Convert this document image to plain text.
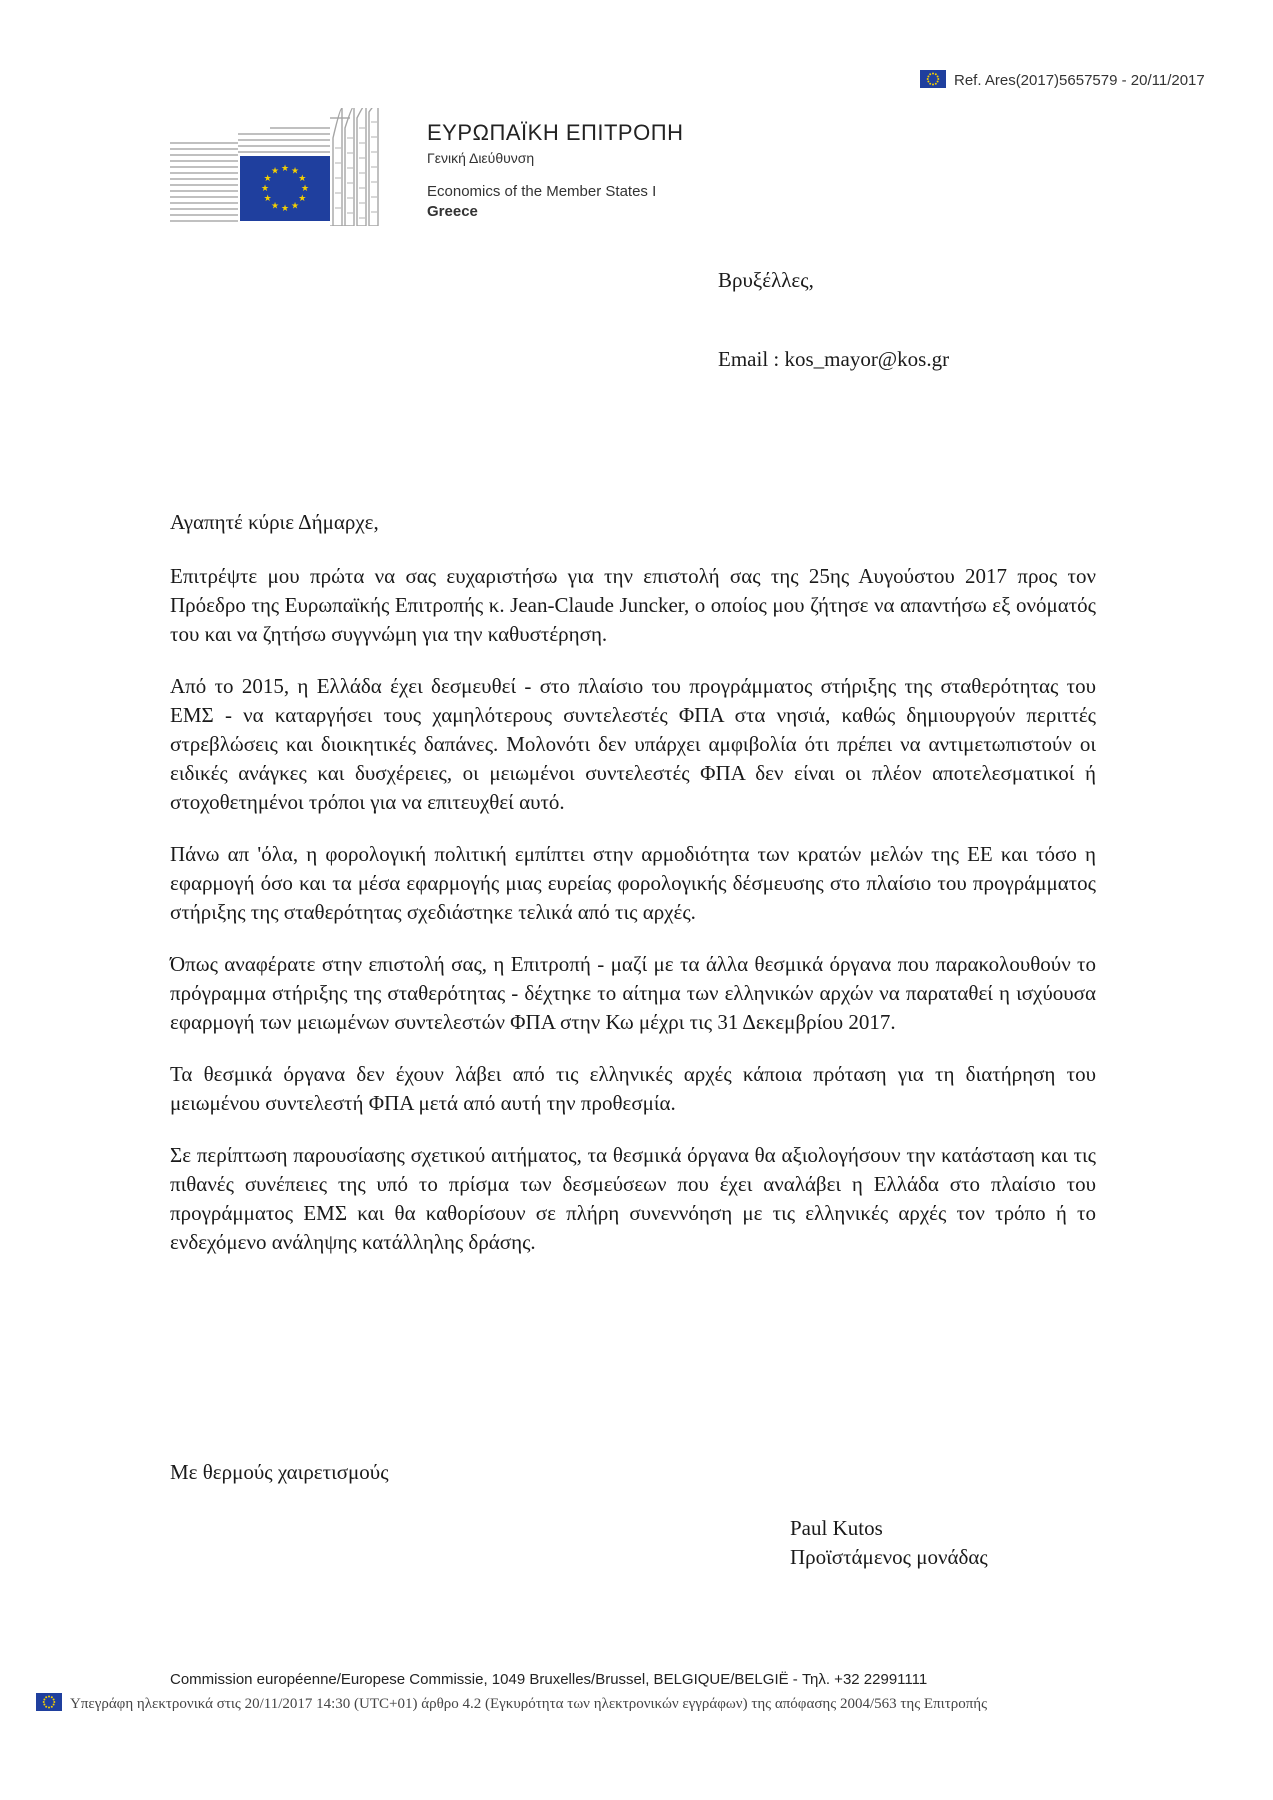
Ref. Ares(2017)5657579 - 20/11/2017
★ ★
★
★
★
★
★
★
★
★
★
★
ΕΥΡΩΠΑΪΚΗ ΕΠΙΤΡΟΠΗ
Γενική Διεύθυνση
Economics of the Member States I
Greece
Βρυξέλλες,
Email : kos_mayor@kos.gr
Αγαπητέ κύριε Δήμαρχε,

Επιτρέψτε μου πρώτα να σας ευχαριστήσω για την επιστολή σας της 25ης Αυγούστου 2017 προς τον Πρόεδρο της Ευρωπαϊκής Επιτροπής κ. Jean-Claude Juncker, ο οποίος μου ζήτησε να απαντήσω εξ ονόματός του και να ζητήσω συγγνώμη για την καθυστέρηση.

Από το 2015, η Ελλάδα έχει δεσμευθεί - στο πλαίσιο του προγράμματος στήριξης της σταθερότητας του ΕΜΣ - να καταργήσει τους χαμηλότερους συντελεστές ΦΠΑ στα νησιά, καθώς δημιουργούν περιττές στρεβλώσεις και διοικητικές δαπάνες. Μολονότι δεν υπάρχει αμφιβολία ότι πρέπει να αντιμετωπιστούν οι ειδικές ανάγκες και δυσχέρειες, οι μειωμένοι συντελεστές ΦΠΑ δεν είναι οι πλέον αποτελεσματικοί ή στοχοθετημένοι τρόποι για να επιτευχθεί αυτό.

Πάνω απ 'όλα, η φορολογική πολιτική εμπίπτει στην αρμοδιότητα των κρατών μελών της ΕΕ και τόσο η εφαρμογή όσο και τα μέσα εφαρμογής μιας ευρείας φορολογικής δέσμευσης στο πλαίσιο του προγράμματος στήριξης της σταθερότητας σχεδιάστηκε τελικά από τις αρχές.

Όπως αναφέρατε στην επιστολή σας, η Επιτροπή - μαζί με τα άλλα θεσμικά όργανα που παρακολουθούν το πρόγραμμα στήριξης της σταθερότητας - δέχτηκε το αίτημα των ελληνικών αρχών να παραταθεί η ισχύουσα εφαρμογή των μειωμένων συντελεστών ΦΠΑ στην Κω μέχρι τις 31 Δεκεμβρίου 2017.

Τα θεσμικά όργανα δεν έχουν λάβει από τις ελληνικές αρχές κάποια πρόταση για τη διατήρηση του μειωμένου συντελεστή ΦΠΑ μετά από αυτή την προθεσμία.

Σε περίπτωση παρουσίασης σχετικού αιτήματος, τα θεσμικά όργανα θα αξιολογήσουν την κατάσταση και τις πιθανές συνέπειες της υπό το πρίσμα των δεσμεύσεων που έχει αναλάβει η Ελλάδα στο πλαίσιο του προγράμματος ΕΜΣ και θα καθορίσουν σε πλήρη συνεννόηση με τις ελληνικές αρχές τον τρόπο ή το ενδεχόμενο ανάληψης κατάλληλης δράσης.

Με θερμούς χαιρετισμούς
Paul Kutos
Προϊστάμενος μονάδας
Commission européenne/Europese Commissie, 1049 Bruxelles/Brussel, BELGIQUE/BELGIË - Τηλ. +32 22991111
Υπεγράφη ηλεκτρονικά στις 20/11/2017 14:30 (UTC+01) άρθρο 4.2 (Εγκυρότητα των ηλεκτρονικών εγγράφων) της απόφασης 2004/563 της Επιτροπής
